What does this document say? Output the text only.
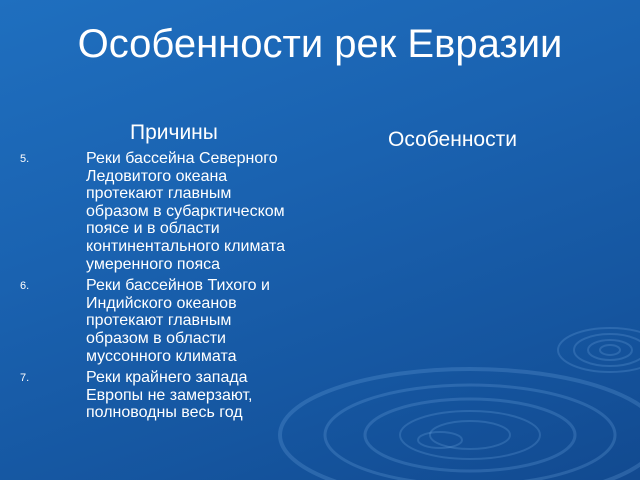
Особенности рек Евразии
Причины	Особенности
5.	Реки бассейна Северного
Ледовитого океана
протекают главным
образом в субарктическом
поясе и в области
континентального климата
умеренного пояса
6.	Реки бассейнов Тихого и
Индийского океанов
протекают главным
образом в области
муссонного климата
7.	Реки крайнего запада
Европы не замерзают,
полноводны весь год
